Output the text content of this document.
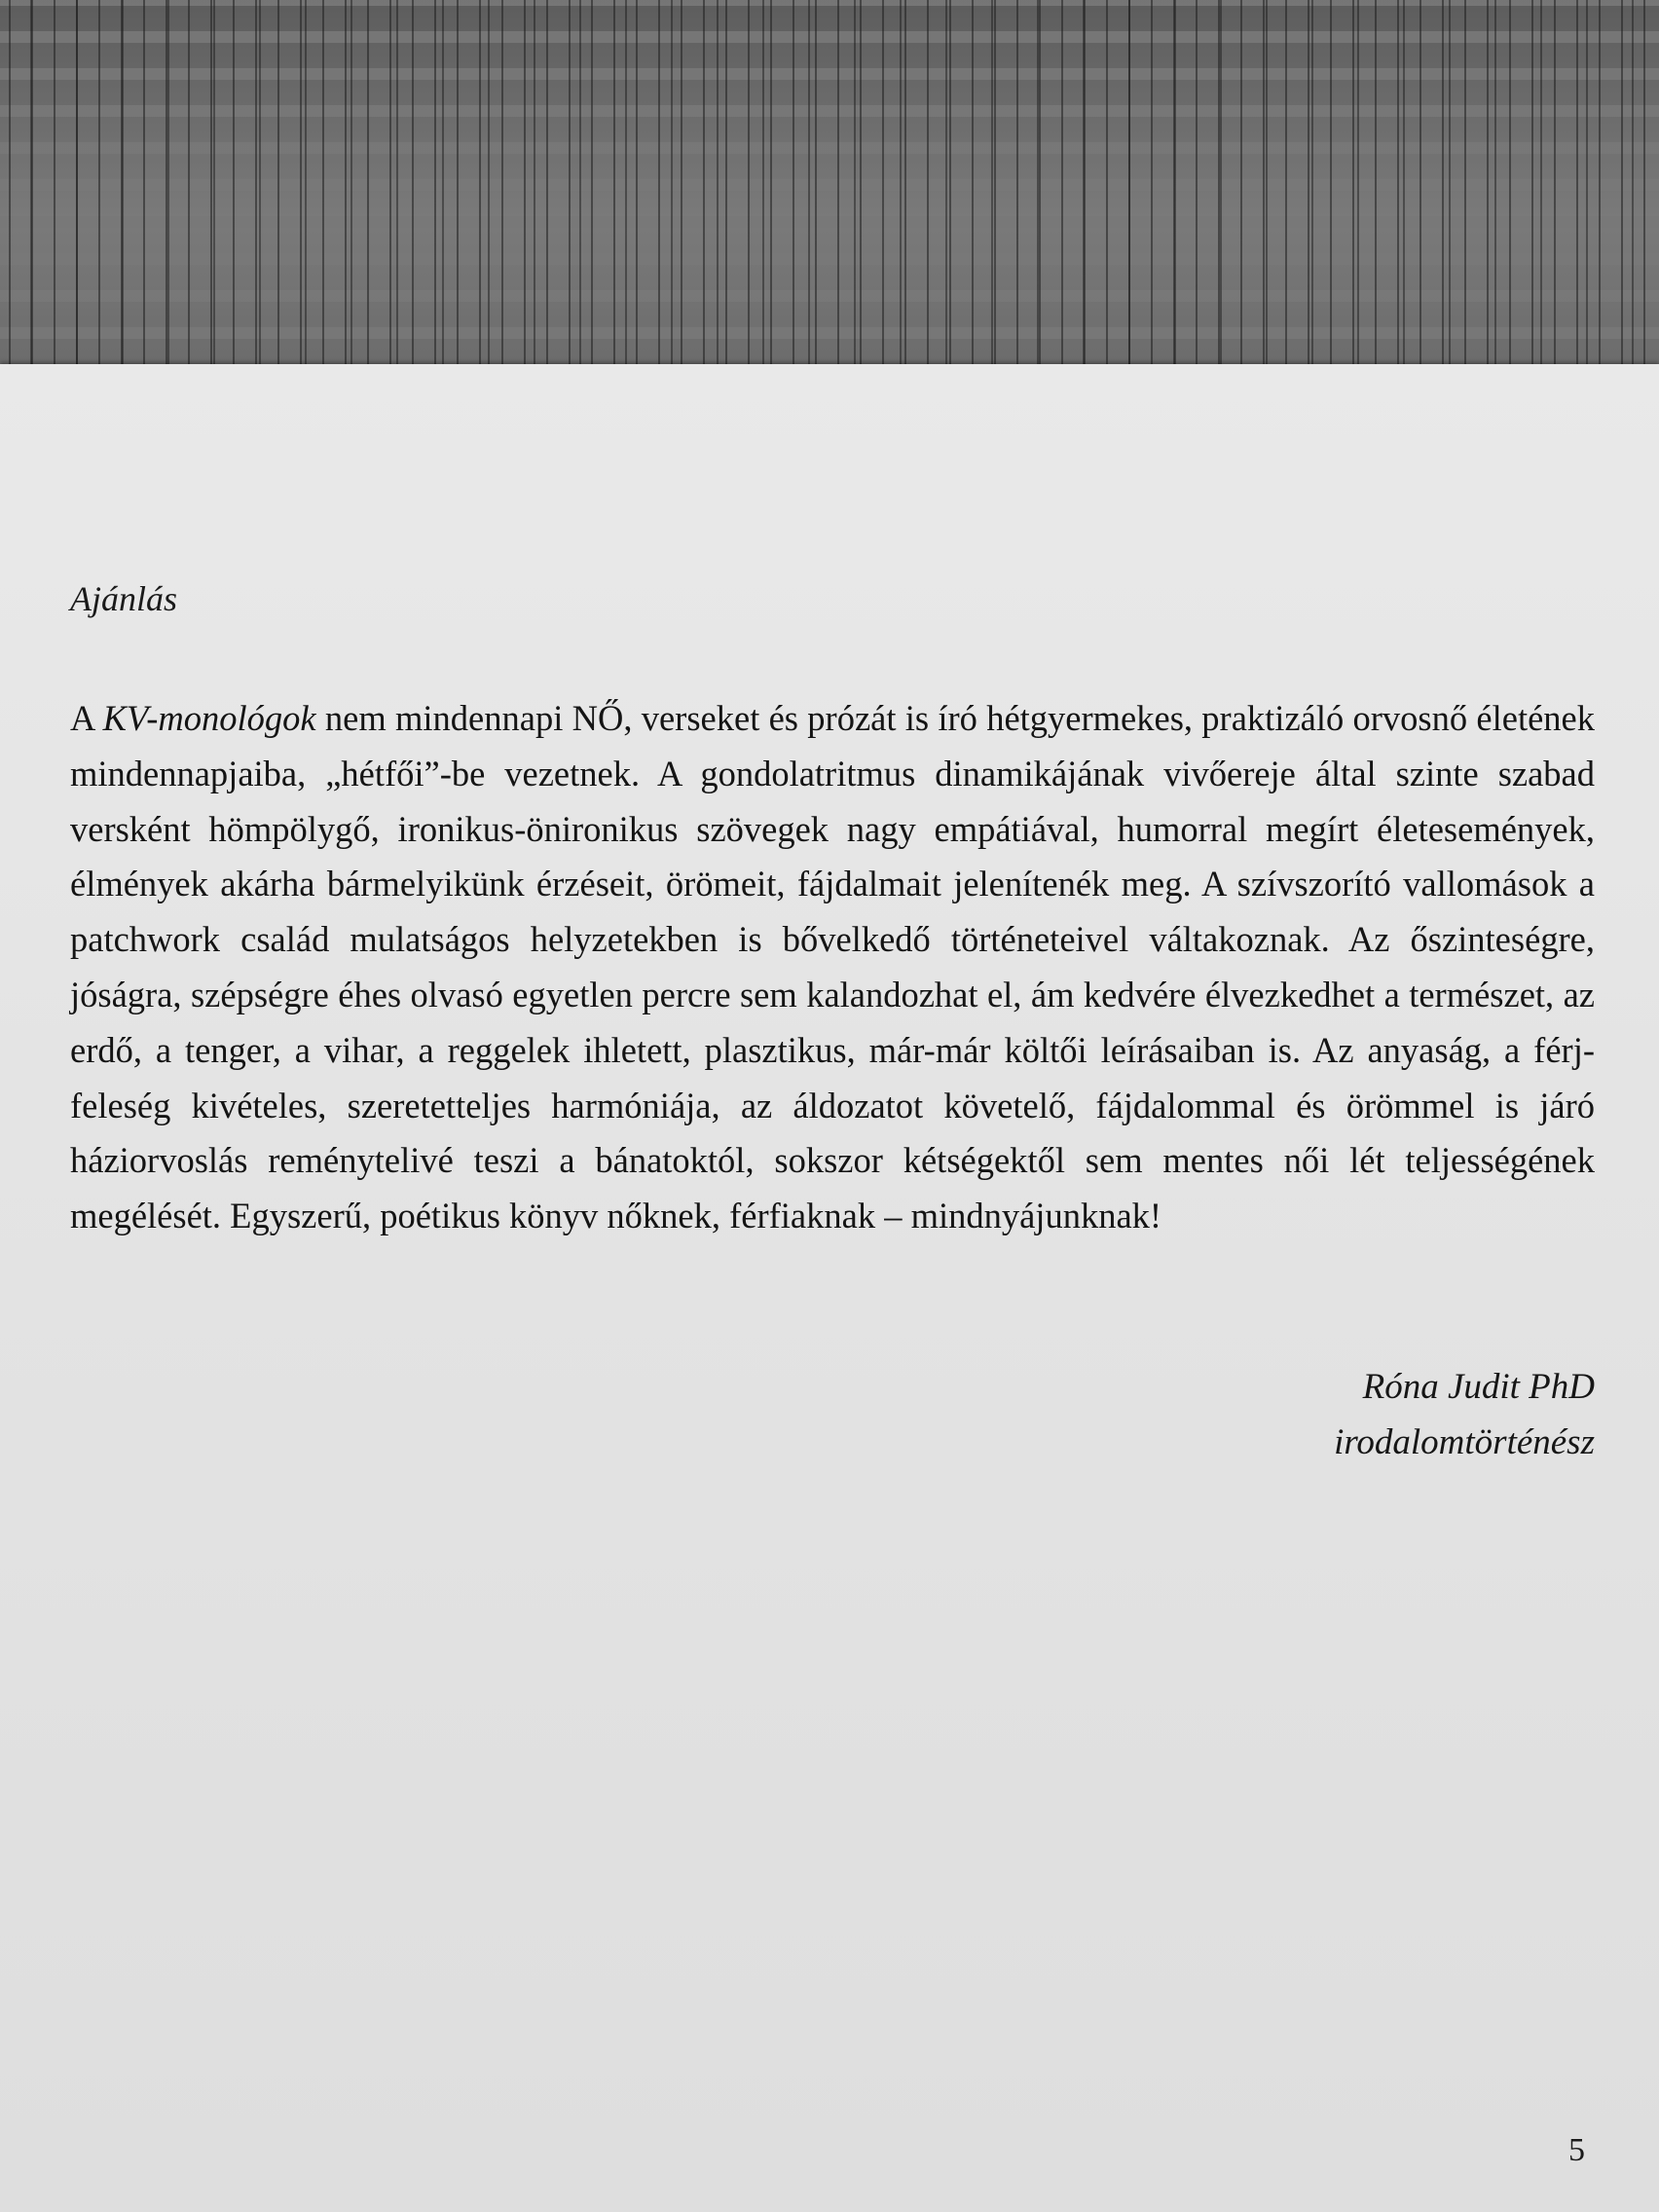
Ajánlás

A KV-monológok nem mindennapi NŐ, verseket és prózát is író hétgyermekes, praktizáló orvosnő életének mindennapjaiba, „hétfői”-be vezetnek. A gondolatritmus dinamikájának vivőereje által szinte szabad versként hömpölygő, ironikus-önironikus szövegek nagy empátiával, humorral megírt életesemények, élmények akárha bármelyikünk érzéseit, örömeit, fájdalmait jelenítenék meg. A szívszorító vallomások a patchwork család mulatságos helyzetekben is bővelkedő történeteivel váltakoznak. Az őszinteségre, jóságra, szépségre éhes olvasó egyetlen percre sem kalandozhat el, ám kedvére élvezkedhet a természet, az erdő, a tenger, a vihar, a reggelek ihletett, plasztikus, már-már költői leírásaiban is. Az anyaság, a férj-feleség kivételes, szeretetteljes harmóniája, az áldozatot követelő, fájdalommal és örömmel is járó háziorvoslás reménytelivé teszi a bánatoktól, sokszor kétségektől sem mentes női lét teljességének megélését. Egyszerű, poétikus könyv nőknek, férfiaknak – mindnyájunknak!

Róna Judit PhD
irodalomtörténész
5
